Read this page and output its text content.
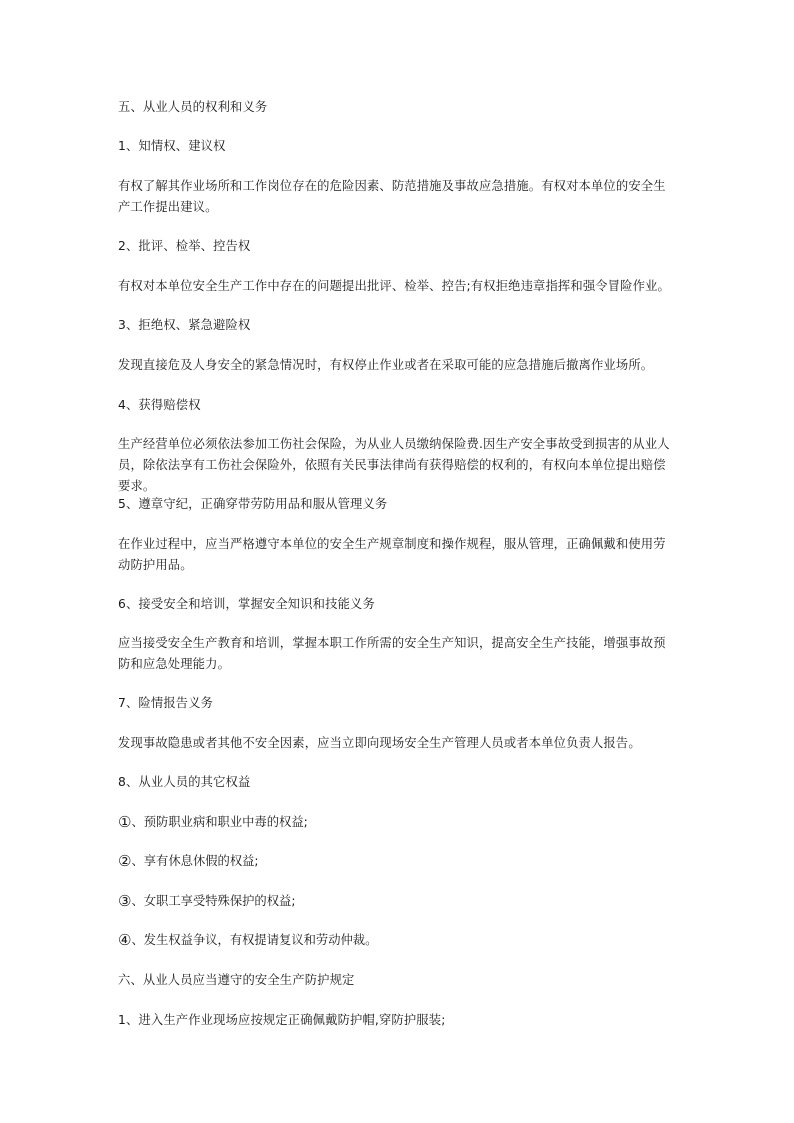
五、从业人员的权利和义务

1、知情权、建议权

有权了解其作业场所和工作岗位存在的危险因素、防范措施及事故应急措施。有权对本单位的安全生产工作提出建议。

2、批评、检举、控告权

有权对本单位安全生产工作中存在的问题提出批评、检举、控告;有权拒绝违章指挥和强令冒险作业。

3、拒绝权、紧急避险权

发现直接危及人身安全的紧急情况时，有权停止作业或者在采取可能的应急措施后撤离作业场所。

4、获得赔偿权

生产经营单位必须依法参加工伤社会保险，为从业人员缴纳保险费.因生产安全事故受到损害的从业人员，除依法享有工伤社会保险外，依照有关民事法律尚有获得赔偿的权利的，有权向本单位提出赔偿要求。

5、遵章守纪，正确穿带劳防用品和服从管理义务

在作业过程中，应当严格遵守本单位的安全生产规章制度和操作规程，服从管理，正确佩戴和使用劳动防护用品。

6、接受安全和培训，掌握安全知识和技能义务

应当接受安全生产教育和培训，掌握本职工作所需的安全生产知识，提高安全生产技能，增强事故预防和应急处理能力。

7、险情报告义务

发现事故隐患或者其他不安全因素，应当立即向现场安全生产管理人员或者本单位负责人报告。

8、从业人员的其它权益

①、预防职业病和职业中毒的权益;

②、享有休息休假的权益;

③、女职工享受特殊保护的权益;

④、发生权益争议，有权提请复议和劳动仲裁。

六、从业人员应当遵守的安全生产防护规定

1、进入生产作业现场应按规定正确佩戴防护帽,穿防护服装;
